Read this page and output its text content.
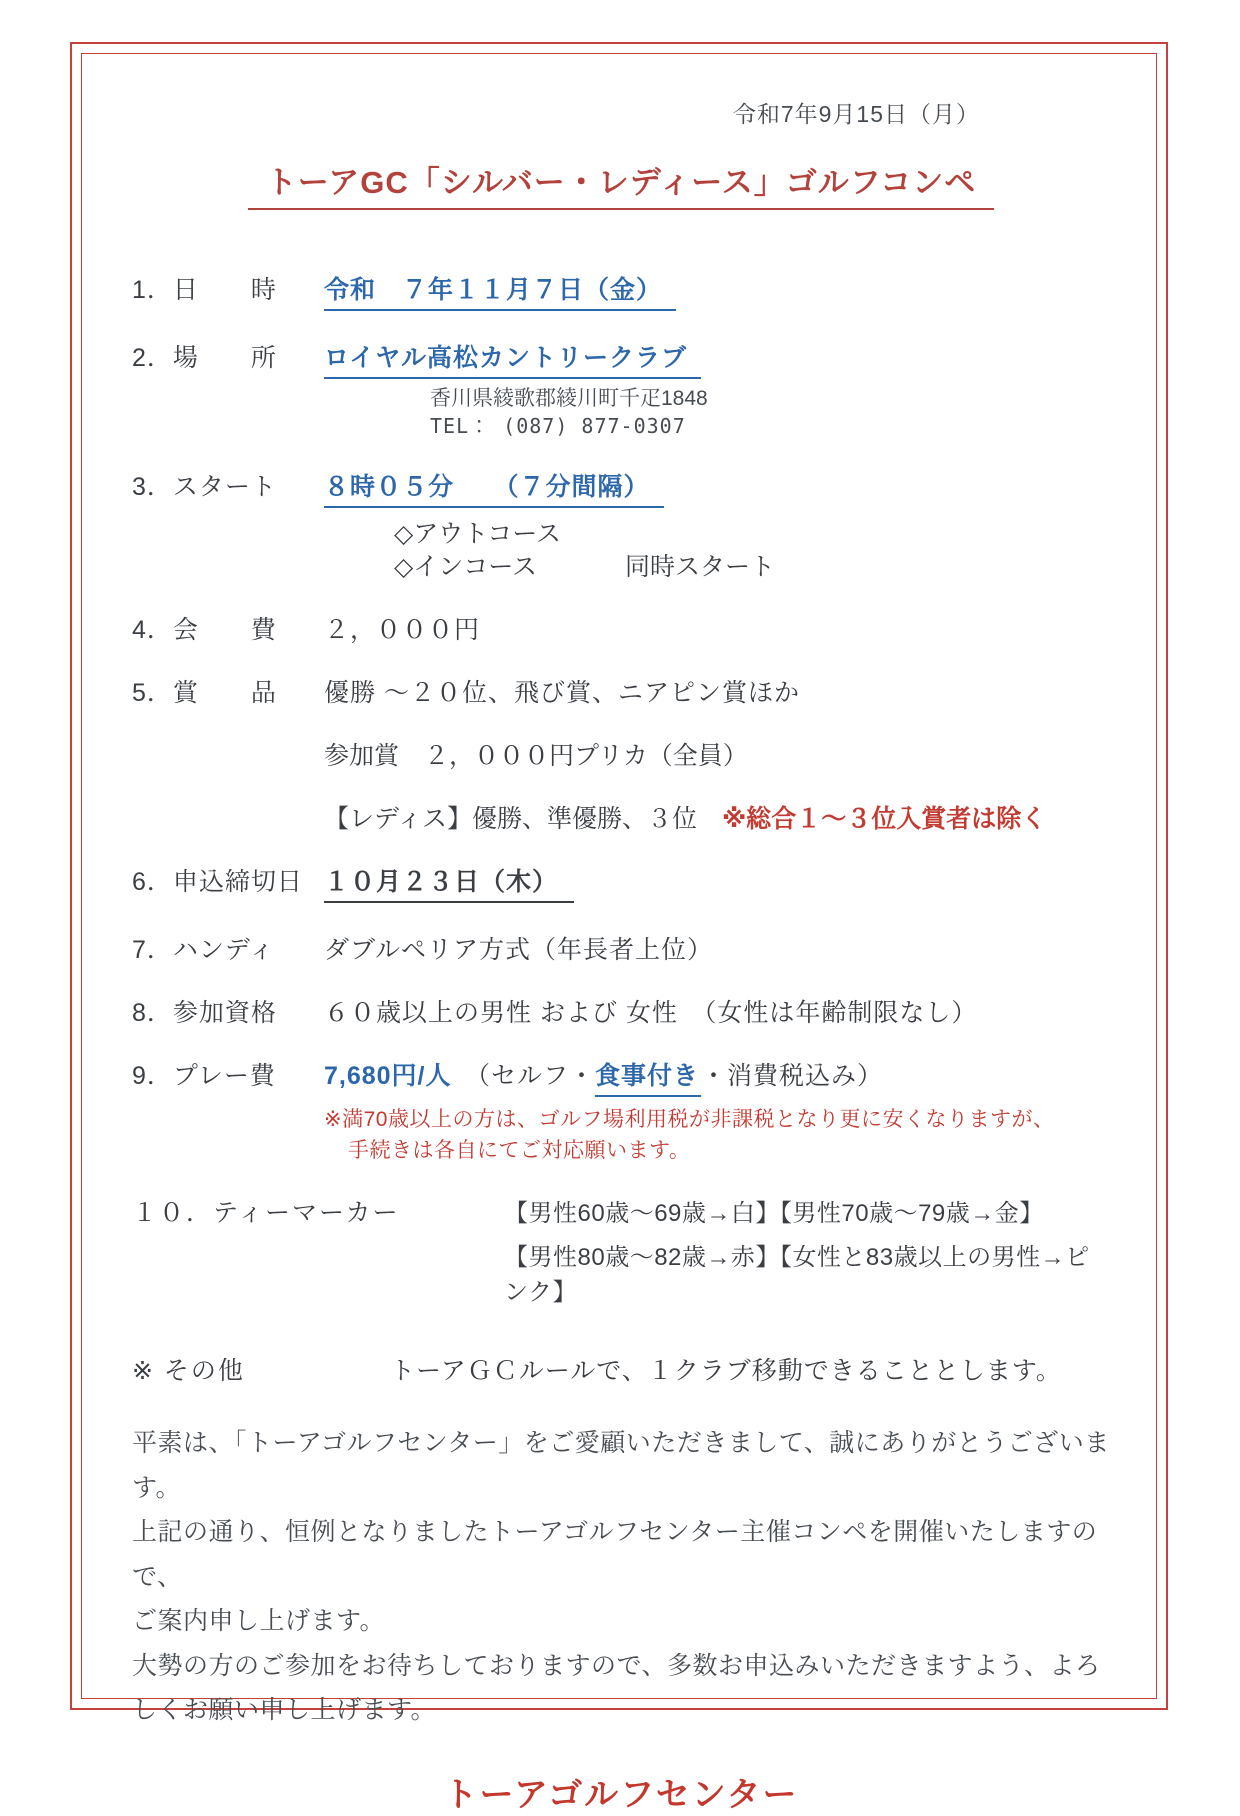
令和7年9月15日（月）
トーアGC「シルバー・レディース」ゴルフコンペ
1．日　　時	令和　７年１１月７日（金）
2．場　　所	ロイヤル高松カントリークラブ
香川県綾歌郡綾川町千疋1848
TEL： (087) 877-0307
3．スタート	８時０５分　　（７分間隔）
◇アウトコース
◇インコース	同時スタート
4．会　　費	２，０００円
5．賞　　品	優勝 ～２０位、飛び賞、ニアピン賞ほか
参加賞　２，０００円プリカ（全員）
【レディス】優勝、準優勝、３位 ※総合１～３位入賞者は除く
6．申込締切日 １０月２３日（木）
7．ハンディ	ダブルペリア方式（年長者上位）
8．参加資格	６０歳以上の男性 および 女性　（女性は年齢制限なし）
9．プレー費	7,680円/人　（セルフ・食事付き・消費税込み）
※満70歳以上の方は、ゴルフ場利用税が非課税となり更に安くなりますが、
手続きは各自にてご対応願います。
１０．ティーマーカー	【男性60歳～69歳→白】【男性70歳～79歳→金】
【男性80歳～82歳→赤】【女性と83歳以上の男性→ピンク】
※ その他	トーアＧＣルールで、１クラブ移動できることとします。
平素は、「トーアゴルフセンター」をご愛顧いただきまして、誠にありがとうございます。
上記の通り、恒例となりましたトーアゴルフセンター主催コンペを開催いたしますので、
ご案内申し上げます。
大勢の方のご参加をお待ちしておりますので、多数お申込みいただきますよう、よろ
しくお願い申し上げます。
トーアゴルフセンター
